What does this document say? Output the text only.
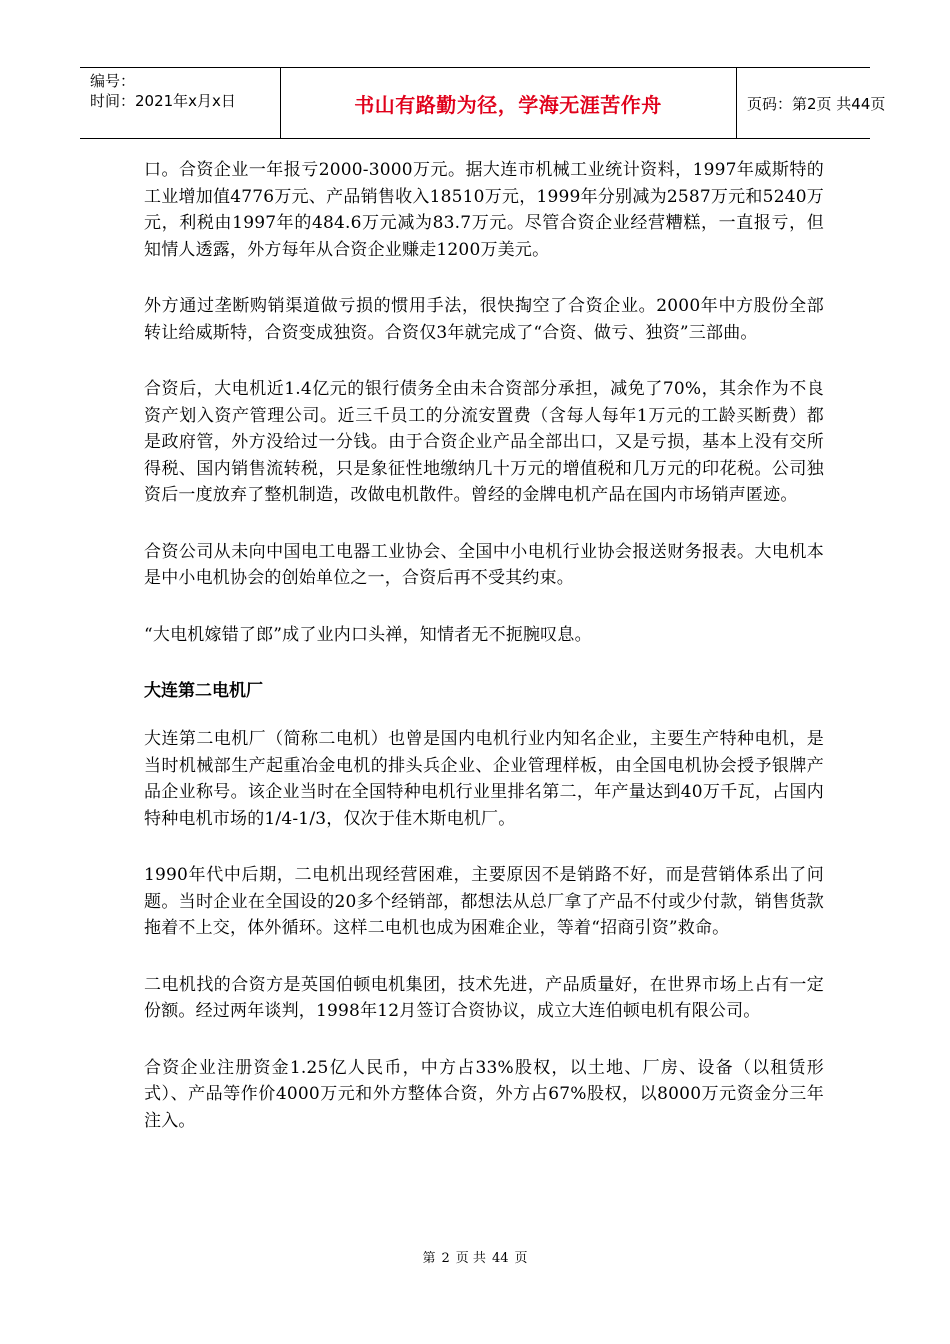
编号：
时间：2021年x月x日	书山有路勤为径，学海无涯苦作舟	页码：第2页 共44页

口。合资企业一年报亏2000-3000万元。据大连市机械工业统计资料，1997年威斯特的工业增加值4776万元、产品销售收入18510万元，1999年分别减为2587万元和5240万元，利税由1997年的484.6万元减为83.7万元。尽管合资企业经营糟糕，一直报亏，但知情人透露，外方每年从合资企业赚走1200万美元。

外方通过垄断购销渠道做亏损的惯用手法，很快掏空了合资企业。2000年中方股份全部转让给威斯特，合资变成独资。合资仅3年就完成了“合资、做亏、独资”三部曲。

合资后，大电机近1.4亿元的银行债务全由未合资部分承担，减免了70%，其余作为不良资产划入资产管理公司。近三千员工的分流安置费（含每人每年1万元的工龄买断费）都是政府管，外方没给过一分钱。由于合资企业产品全部出口，又是亏损，基本上没有交所得税、国内销售流转税，只是象征性地缴纳几十万元的增值税和几万元的印花税。公司独资后一度放弃了整机制造，改做电机散件。曾经的金牌电机产品在国内市场销声匿迹。

合资公司从未向中国电工电器工业协会、全国中小电机行业协会报送财务报表。大电机本是中小电机协会的创始单位之一，合资后再不受其约束。

“大电机嫁错了郎”成了业内口头禅，知情者无不扼腕叹息。

大连第二电机厂

大连第二电机厂（简称二电机）也曾是国内电机行业内知名企业，主要生产特种电机，是当时机械部生产起重冶金电机的排头兵企业、企业管理样板，由全国电机协会授予银牌产品企业称号。该企业当时在全国特种电机行业里排名第二，年产量达到40万千瓦，占国内特种电机市场的1/4-1/3，仅次于佳木斯电机厂。

1990年代中后期，二电机出现经营困难，主要原因不是销路不好，而是营销体系出了问题。当时企业在全国设的20多个经销部，都想法从总厂拿了产品不付或少付款，销售货款拖着不上交，体外循环。这样二电机也成为困难企业，等着“招商引资”救命。

二电机找的合资方是英国伯顿电机集团，技术先进，产品质量好，在世界市场上占有一定份额。经过两年谈判，1998年12月签订合资协议，成立大连伯顿电机有限公司。

合资企业注册资金1.25亿人民币，中方占33%股权，以土地、厂房、设备（以租赁形式）、产品等作价4000万元和外方整体合资，外方占67%股权，以8000万元资金分三年注入。

第 2 页 共 44 页
